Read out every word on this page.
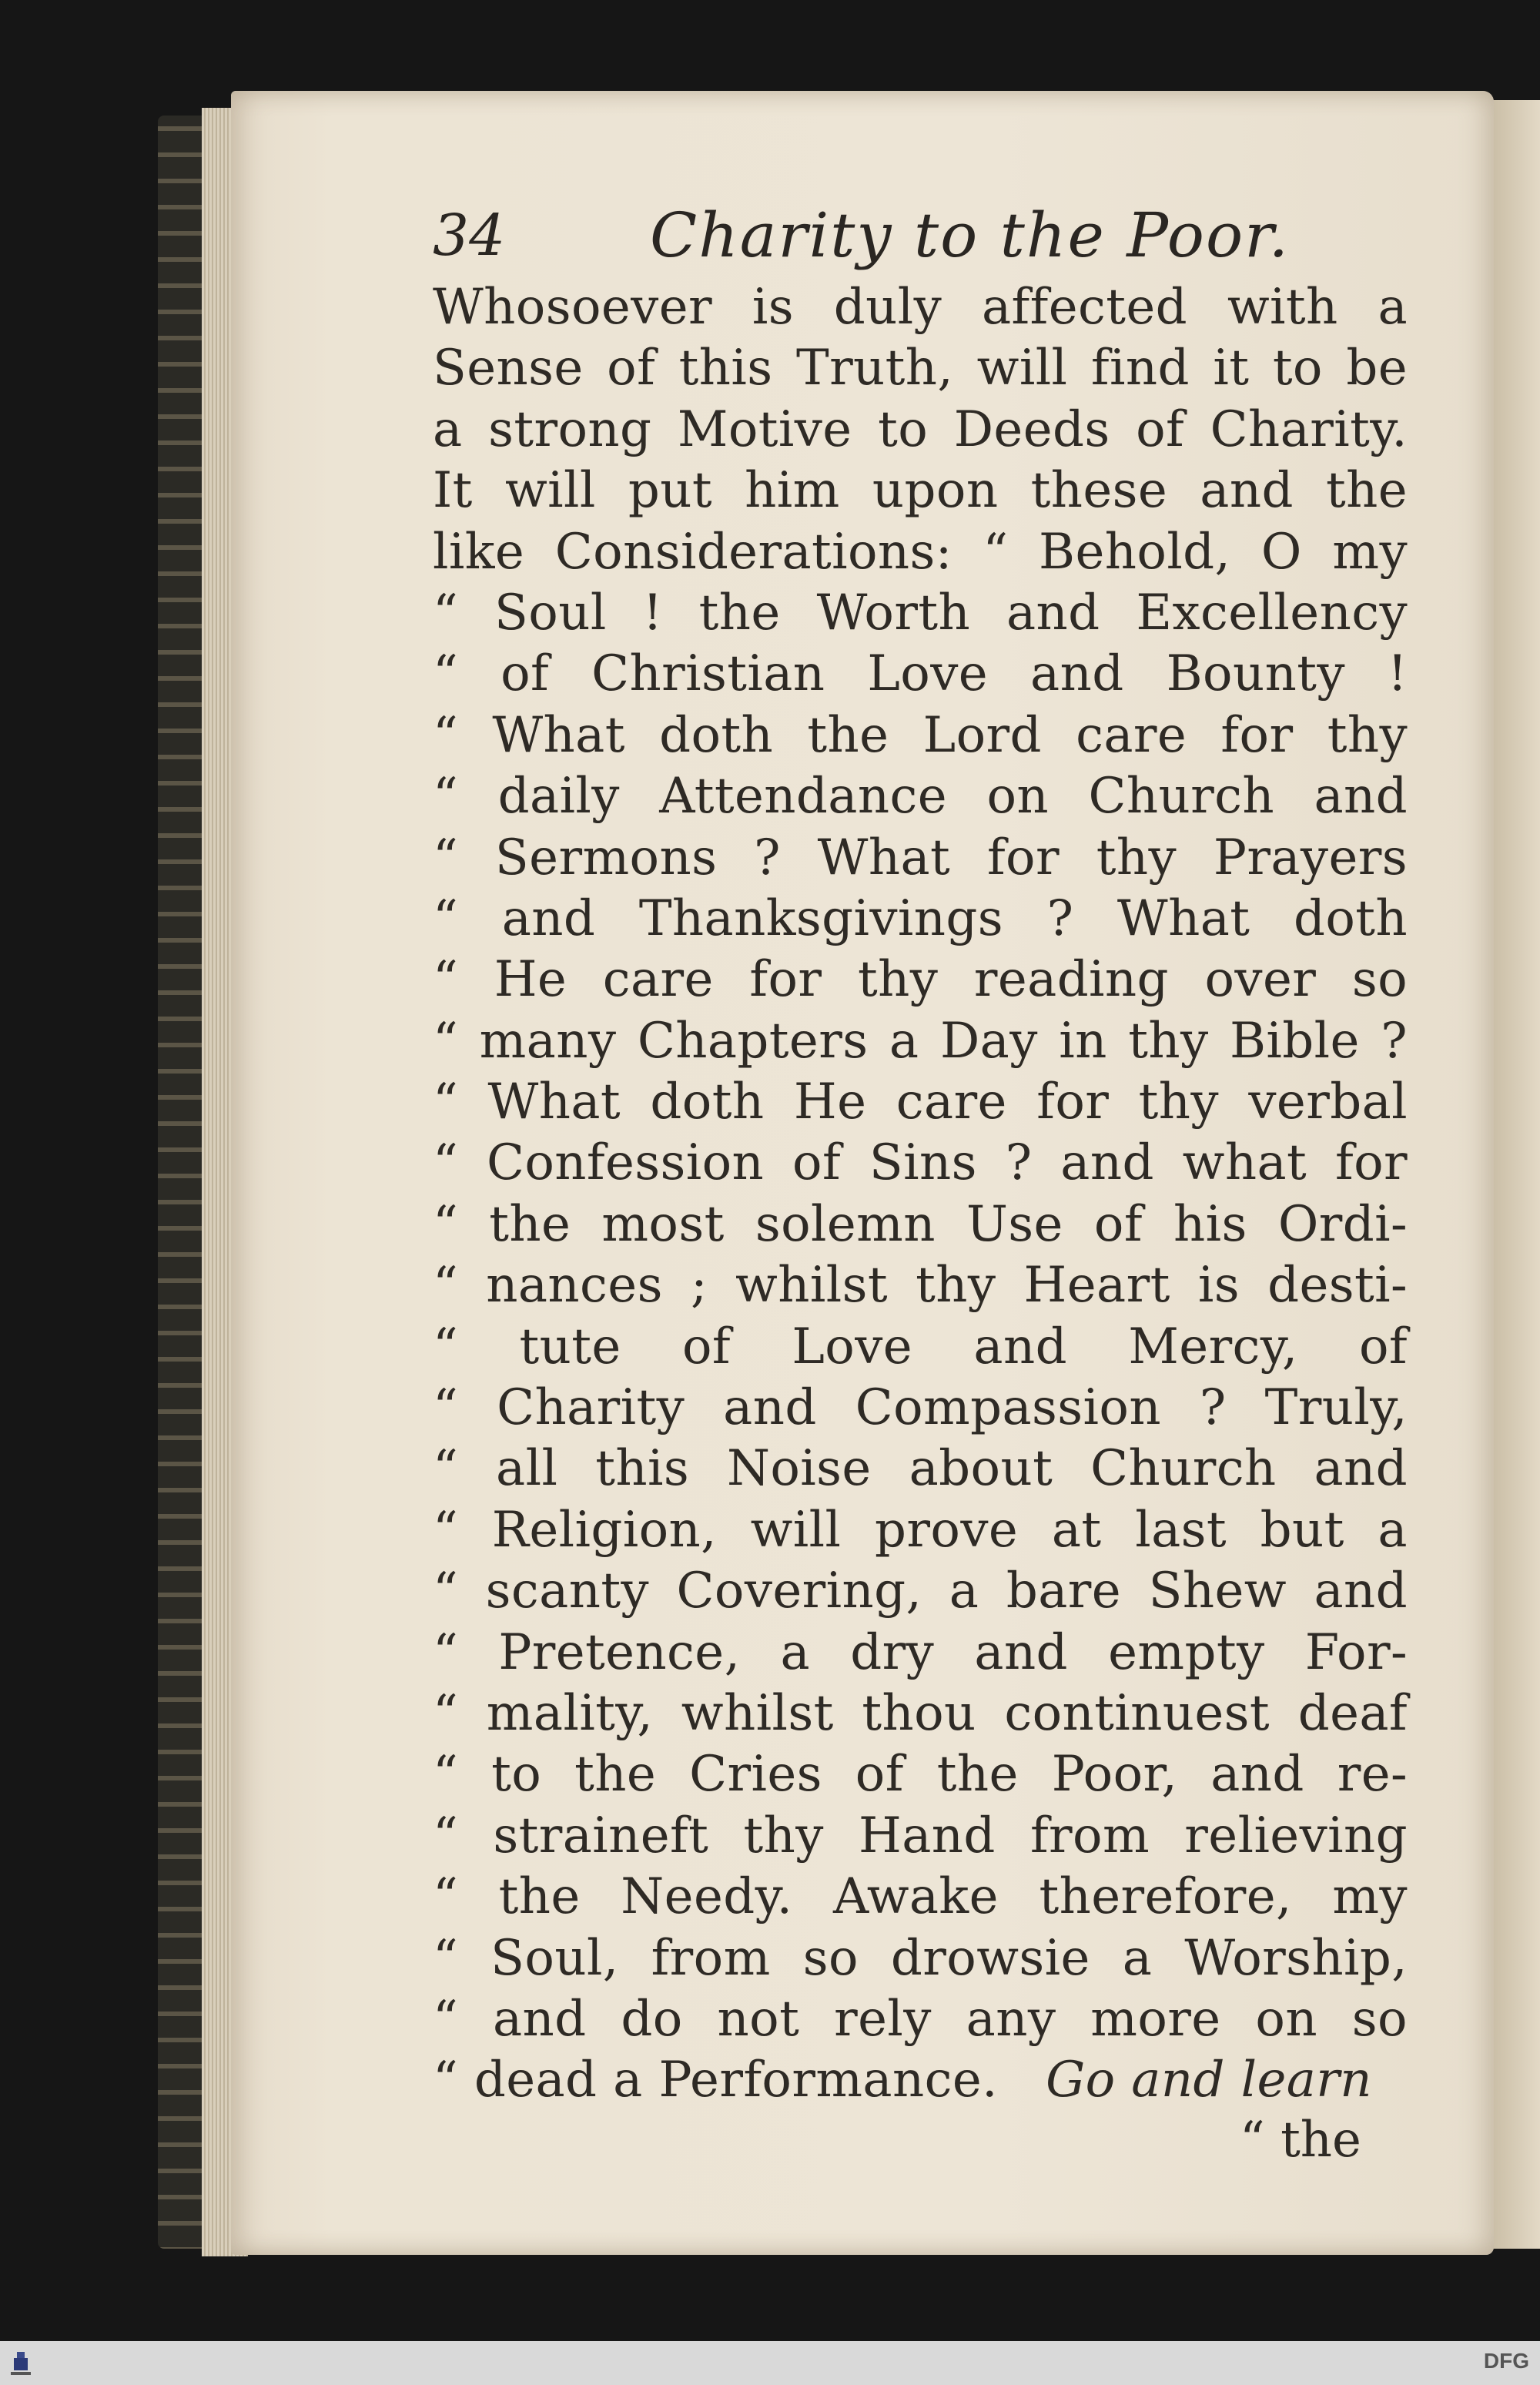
34 Charity to the Poor.
Whosoever is duly affected with a
Sense of this Truth, will find it to be
a strong Motive to Deeds of Charity.
It will put him upon these and the
like Considerations: “ Behold, O my
“ Soul ! the Worth and Excellency
“ of Christian Love and Bounty !
“ What doth the Lord care for thy
“ daily Attendance on Church and
“ Sermons ? What for thy Prayers
“ and Thanksgivings ? What doth
“ He care for thy reading over so
“ many Chapters a Day in thy Bible ?
“ What doth He care for thy verbal
“ Confession of Sins ? and what for
“ the most solemn Use of his Ordi-
“ nances ; whilst thy Heart is desti-
“ tute of Love and Mercy, of
“ Charity and Compassion ? Truly,
“ all this Noise about Church and
“ Religion, will prove at last but a
“ scanty Covering, a bare Shew and
“ Pretence, a dry and empty For-
“ mality, whilst thou continuest deaf
“ to the Cries of the Poor, and re-
“ straineft thy Hand from relieving
“ the Needy. Awake therefore, my
“ Soul, from so drowsie a Worship,
“ and do not rely any more on so
“ dead a Performance. Go and learn
“ the
DFG
